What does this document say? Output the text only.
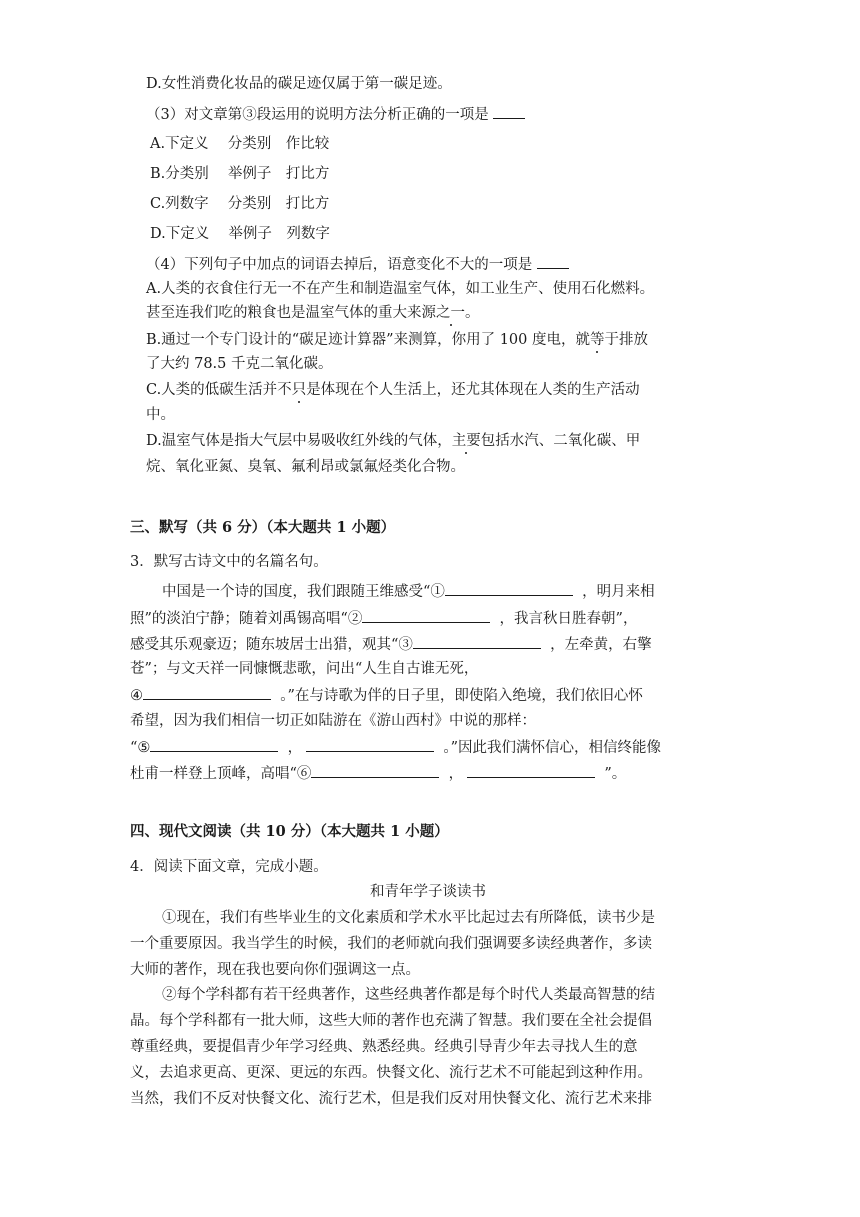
D.女性消费化妆品的碳足迹仅属于第一碳足迹。
（3）对文章第③段运用的说明方法分析正确的一项是
A.下定义　 分类别　作比较
B.分类别　 举例子　打比方
C.列数字　 分类别　打比方
D.下定义　 举例子　列数字
（4）下列句子中加点的词语去掉后，语意变化不大的一项是
A.人类的衣食住行无一不在产生和制造温室气体，如工业生产、使用石化燃料。
甚至连我们吃的粮食也是温室气体的重大来源之一。
B.通过一个专门设计的“碳足迹计算器”来测算，你用了 100 度电，就等于排放
了大约 78.5 千克二氧化碳。
C.人类的低碳生活并不只是体现在个人生活上，还尤其体现在人类的生产活动
中。
D.温室气体是指大气层中易吸收红外线的气体，主要包括水汽、二氧化碳、甲
烷、氧化亚氮、臭氧、氟利昂或氯氟烃类化合物。
三、默写（共 6 分）（本大题共 1 小题）
3．默写古诗文中的名篇名句。
中国是一个诗的国度，我们跟随王维感受“①	，明月来相
照”的淡泊宁静；随着刘禹锡高唱“②	，我言秋日胜春朝”，
感受其乐观豪迈；随东坡居士出猎，观其“③	，左牵黄，右擎
苍”；与文天祥一同慷慨悲歌，问出“人生自古谁无死，
④	。”在与诗歌为伴的日子里，即使陷入绝境，我们依旧心怀
希望，因为我们相信一切正如陆游在《游山西村》中说的那样：
“⑤	，	。”因此我们满怀信心，相信终能像
杜甫一样登上顶峰，高唱“⑥	，	”。
四、现代文阅读（共 10 分）（本大题共 1 小题）
4．阅读下面文章，完成小题。
和青年学子谈读书
①现在，我们有些毕业生的文化素质和学术水平比起过去有所降低，读书少是
一个重要原因。我当学生的时候，我们的老师就向我们强调要多读经典著作，多读
大师的著作，现在我也要向你们强调这一点。
②每个学科都有若干经典著作，这些经典著作都是每个时代人类最高智慧的结
晶。每个学科都有一批大师，这些大师的著作也充满了智慧。我们要在全社会提倡
尊重经典，要提倡青少年学习经典、熟悉经典。经典引导青少年去寻找人生的意
义，去追求更高、更深、更远的东西。快餐文化、流行艺术不可能起到这种作用。
当然，我们不反对快餐文化、流行艺术，但是我们反对用快餐文化、流行艺术来排
